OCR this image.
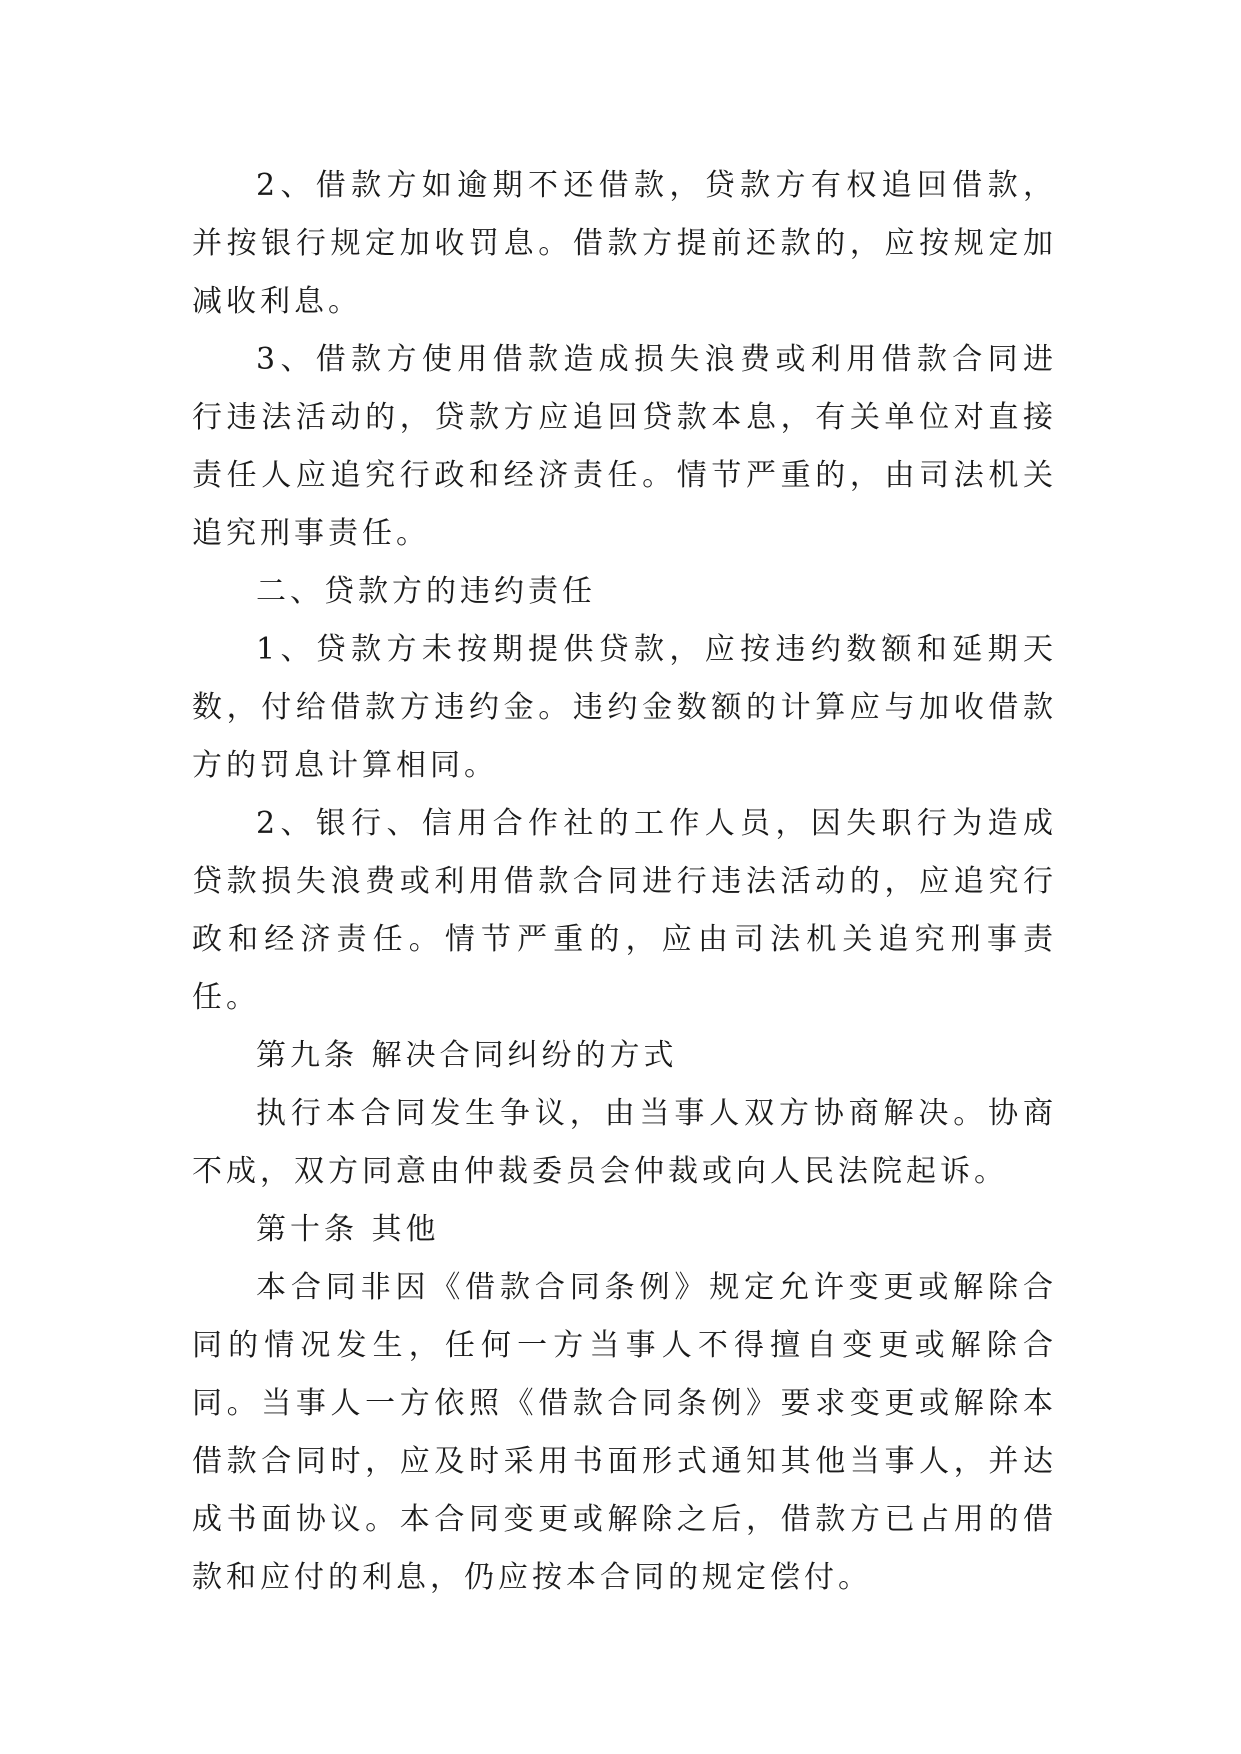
2、借款方如逾期不还借款，贷款方有权追回借款，并按银行规定加收罚息。借款方提前还款的，应按规定加减收利息。

3、借款方使用借款造成损失浪费或利用借款合同进行违法活动的，贷款方应追回贷款本息，有关单位对直接责任人应追究行政和经济责任。情节严重的，由司法机关追究刑事责任。

二、贷款方的违约责任

1、贷款方未按期提供贷款，应按违约数额和延期天数，付给借款方违约金。违约金数额的计算应与加收借款方的罚息计算相同。

2、银行、信用合作社的工作人员，因失职行为造成贷款损失浪费或利用借款合同进行违法活动的，应追究行政和经济责任。情节严重的，应由司法机关追究刑事责任。

第九条 解决合同纠纷的方式

执行本合同发生争议，由当事人双方协商解决。协商不成，双方同意由仲裁委员会仲裁或向人民法院起诉。

第十条 其他

本合同非因《借款合同条例》规定允许变更或解除合同的情况发生，任何一方当事人不得擅自变更或解除合同。当事人一方依照《借款合同条例》要求变更或解除本借款合同时，应及时采用书面形式通知其他当事人，并达成书面协议。本合同变更或解除之后，借款方已占用的借款和应付的利息，仍应按本合同的规定偿付。
